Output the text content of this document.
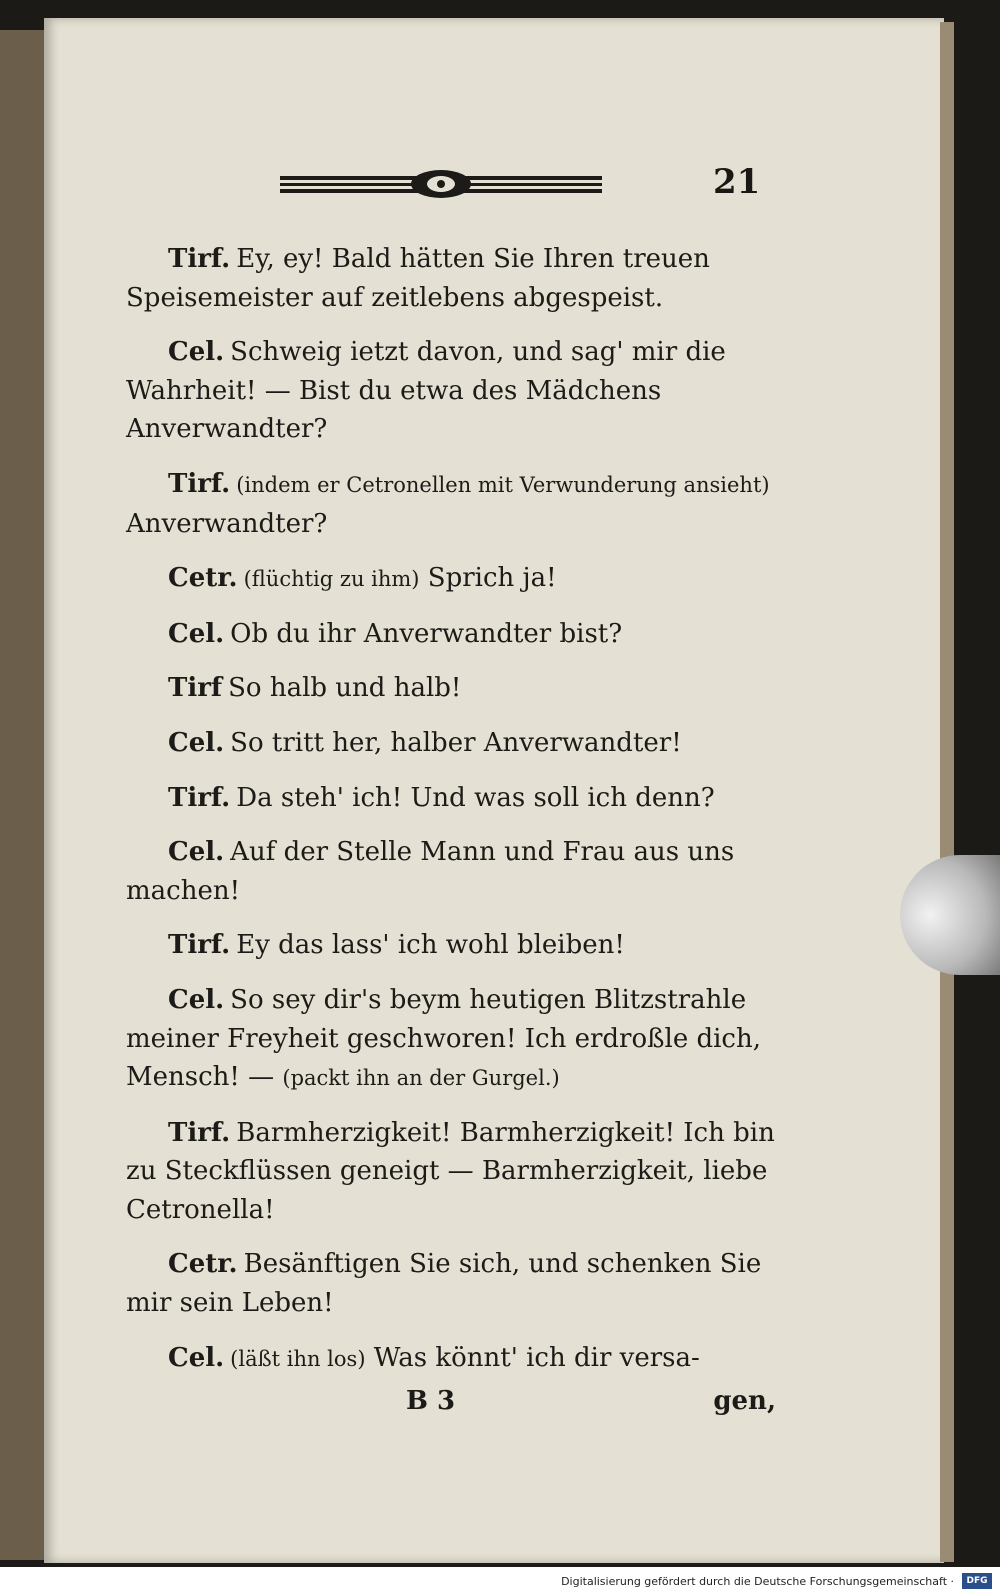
21

Tirf. Ey, ey! Bald hätten Sie Ihren treuen Speisemeister auf zeitlebens abgespeist.

Cel. Schweig ietzt davon, und sag' mir die Wahrheit! — Bist du etwa des Mädchens Anverwandter?

Tirf. (indem er Cetronellen mit Verwunderung ansieht) Anverwandter?

Cetr. (flüchtig zu ihm) Sprich ja!

Cel. Ob du ihr Anverwandter bist?

Tirf So halb und halb!

Cel. So tritt her, halber Anverwandter!

Tirf. Da steh' ich! Und was soll ich denn?

Cel. Auf der Stelle Mann und Frau aus uns machen!

Tirf. Ey das lass' ich wohl bleiben!

Cel. So sey dir's beym heutigen Blitzstrahle meiner Freyheit geschworen! Ich erdroßle dich, Mensch! — (packt ihn an der Gurgel.)

Tirf. Barmherzigkeit! Barmherzigkeit! Ich bin zu Steckflüssen geneigt — Barmherzigkeit, liebe Cetronella!

Cetr. Besänftigen Sie sich, und schenken Sie mir sein Leben!

Cel. (läßt ihn los) Was könnt' ich dir versa-

B 3	gen,
Digitalisierung gefördert durch die Deutsche Forschungsgemeinschaft ·	DFG
